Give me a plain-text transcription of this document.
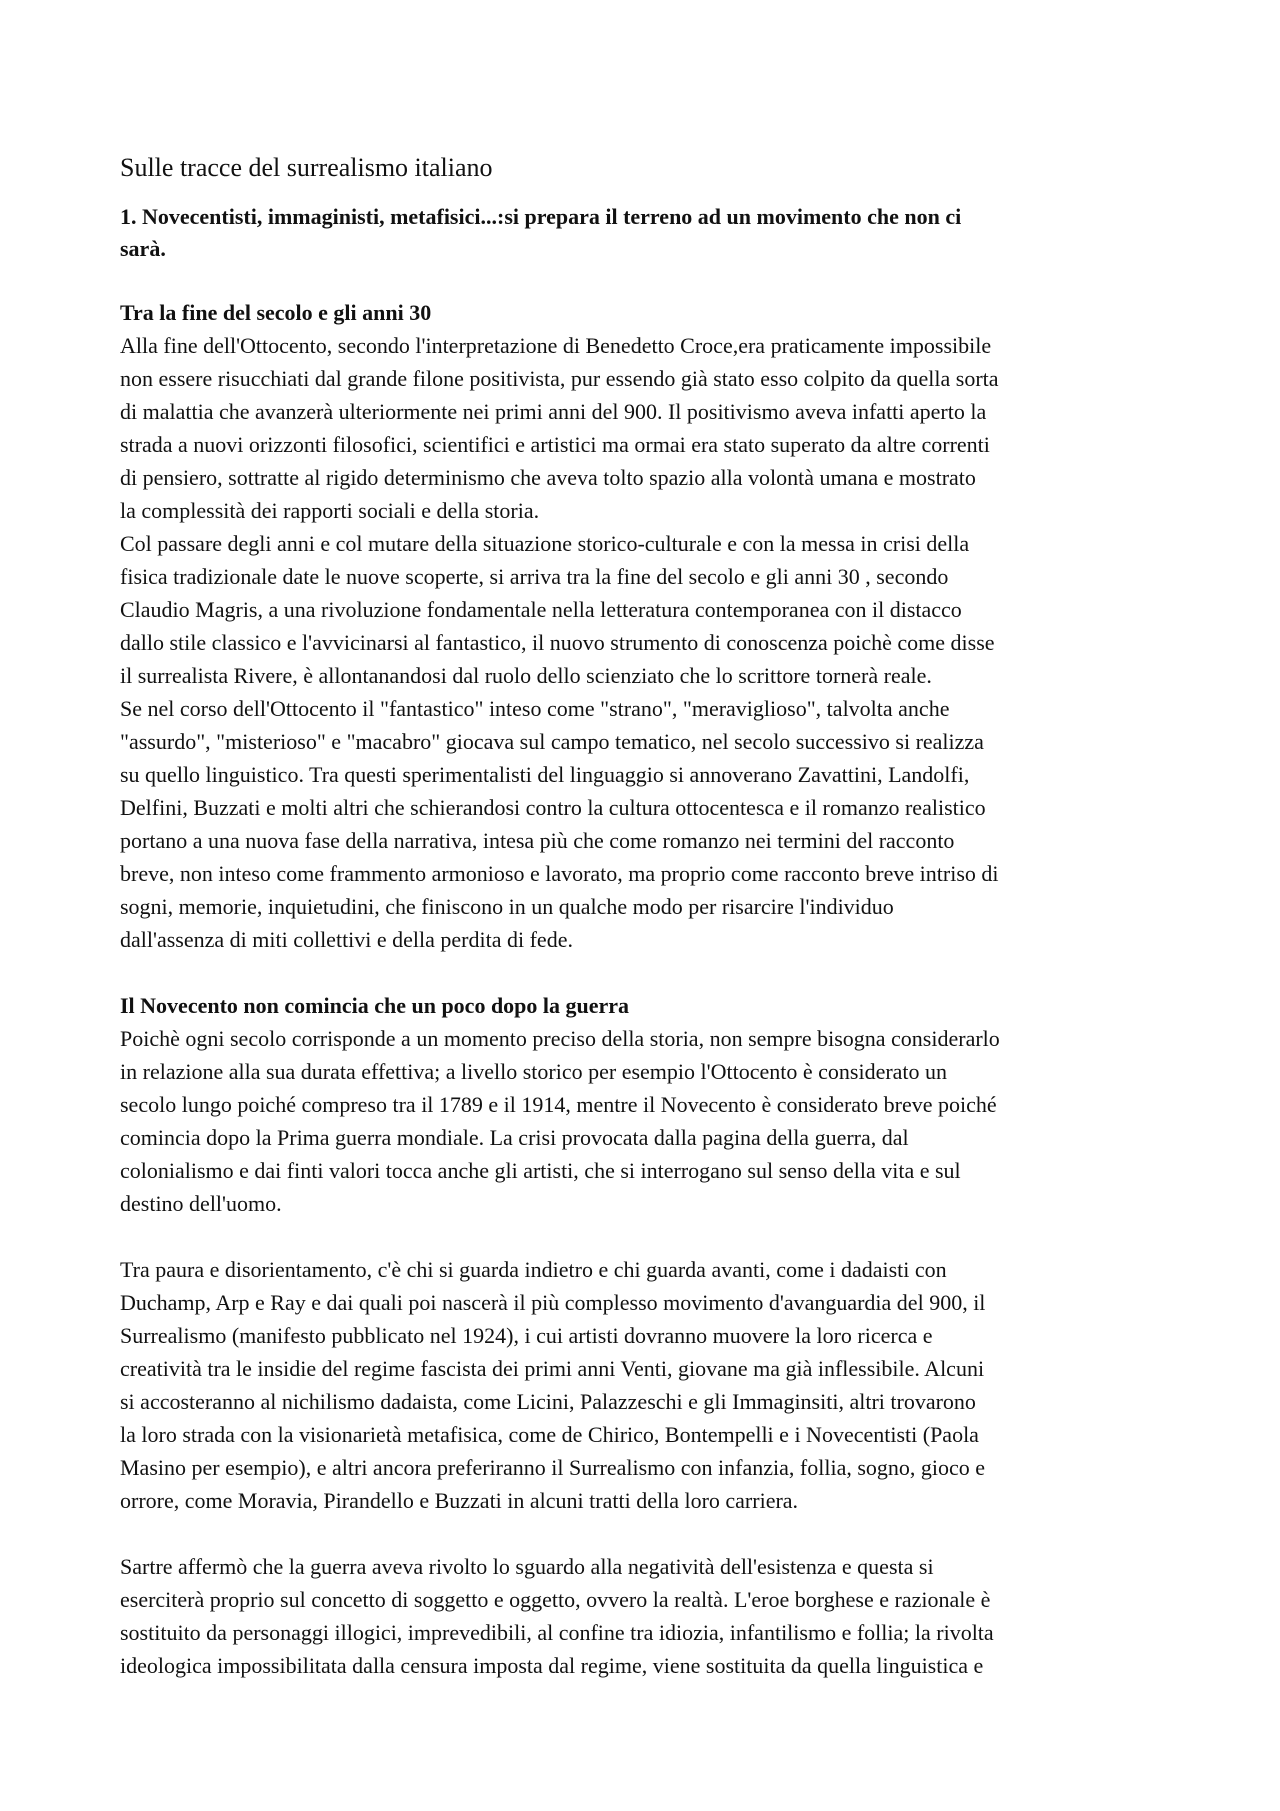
Sulle tracce del surrealismo italiano
1. Novecentisti, immaginisti, metafisici...:si prepara il terreno ad un movimento che non ci
sarà.
Tra la fine del secolo e gli anni 30
Alla fine dell'Ottocento, secondo l'interpretazione di Benedetto Croce,era praticamente impossibile
non essere risucchiati dal grande filone positivista, pur essendo già stato esso colpito da quella sorta
di malattia che avanzerà ulteriormente nei primi anni del 900. Il positivismo aveva infatti aperto la
strada a nuovi orizzonti filosofici, scientifici e artistici ma ormai era stato superato da altre correnti
di pensiero, sottratte al rigido determinismo che aveva tolto spazio alla volontà umana e mostrato
la complessità dei rapporti sociali e della storia.
Col passare degli anni e col mutare della situazione storico-culturale e con la messa in crisi della
fisica tradizionale date le nuove scoperte, si arriva tra la fine del secolo e gli anni 30 , secondo
Claudio Magris, a una rivoluzione fondamentale nella letteratura contemporanea con il distacco
dallo stile classico e l'avvicinarsi al fantastico, il nuovo strumento di conoscenza poichè come disse
il surrealista Rivere, è allontanandosi dal ruolo dello scienziato che lo scrittore tornerà reale.
Se nel corso dell'Ottocento il "fantastico" inteso come "strano", "meraviglioso", talvolta anche
"assurdo", "misterioso" e "macabro" giocava sul campo tematico, nel secolo successivo si realizza
su quello linguistico. Tra questi sperimentalisti del linguaggio si annoverano Zavattini, Landolfi,
Delfini, Buzzati e molti altri che schierandosi contro la cultura ottocentesca e il romanzo realistico
portano a una nuova fase della narrativa, intesa più che come romanzo nei termini del racconto
breve, non inteso come frammento armonioso e lavorato, ma proprio come racconto breve intriso di
sogni, memorie, inquietudini, che finiscono in un qualche modo per risarcire l'individuo
dall'assenza di miti collettivi e della perdita di fede.
Il Novecento non comincia che un poco dopo la guerra
Poichè ogni secolo corrisponde a un momento preciso della storia, non sempre bisogna considerarlo
in relazione alla sua durata effettiva; a livello storico per esempio l'Ottocento è considerato un
secolo lungo poiché compreso tra il 1789 e il 1914, mentre il Novecento è considerato breve poiché
comincia dopo la Prima guerra mondiale. La crisi provocata dalla pagina della guerra, dal
colonialismo e dai finti valori tocca anche gli artisti, che si interrogano sul senso della vita e sul
destino dell'uomo.
Tra paura e disorientamento, c'è chi si guarda indietro e chi guarda avanti, come i dadaisti con
Duchamp, Arp e Ray e dai quali poi nascerà il più complesso movimento d'avanguardia del 900, il
Surrealismo (manifesto pubblicato nel 1924), i cui artisti dovranno muovere la loro ricerca e
creatività tra le insidie del regime fascista dei primi anni Venti, giovane ma già inflessibile. Alcuni
si accosteranno al nichilismo dadaista, come Licini, Palazzeschi e gli Immaginsiti, altri trovarono
la loro strada con la visionarietà metafisica, come de Chirico, Bontempelli e i Novecentisti (Paola
Masino per esempio), e altri ancora preferiranno il Surrealismo con infanzia, follia, sogno, gioco e
orrore, come Moravia, Pirandello e Buzzati in alcuni tratti della loro carriera.
Sartre affermò che la guerra aveva rivolto lo sguardo alla negatività dell'esistenza e questa si
eserciterà proprio sul concetto di soggetto e oggetto, ovvero la realtà. L'eroe borghese e razionale è
sostituito da personaggi illogici, imprevedibili, al confine tra idiozia, infantilismo e follia; la rivolta
ideologica impossibilitata dalla censura imposta dal regime, viene sostituita da quella linguistica e
